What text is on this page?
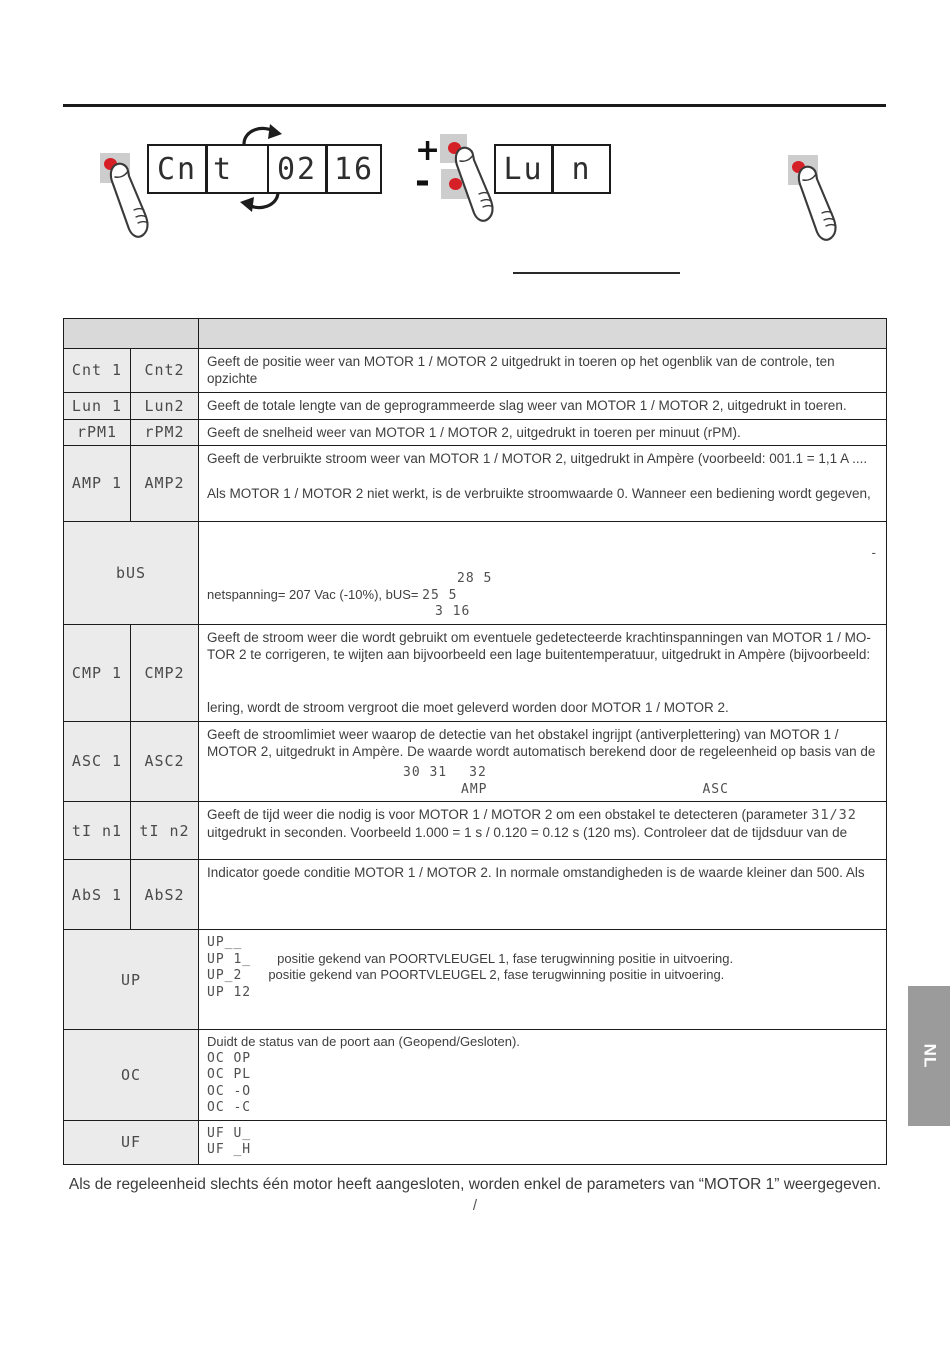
Cn t 02 16
+
- Lu n

Cnt 1	Cnt2	Geeft de positie weer van MOTOR 1 / MOTOR 2 uitgedrukt in toeren op het ogenblik van de controle, ten opzichte
Lun 1	Lun2	Geeft de totale lengte van de geprogrammeerde slag weer van MOTOR 1 / MOTOR 2, uitgedrukt in toeren.
rPM1	rPM2	Geeft de snelheid weer van MOTOR 1 / MOTOR 2, uitgedrukt in toeren per minuut (rPM).
AMP 1	AMP2	Geeft de verbruikte stroom weer van MOTOR 1 / MOTOR 2, uitgedrukt in Ampère (voorbeeld: 001.1 = 1,1 A ....
Als MOTOR 1 / MOTOR 2 niet werkt, is de verbruikte stroomwaarde 0. Wanneer een bediening wordt gegeven,

bUS		-
28 5
netspanning= 207 Vac (-10%), bUS= 25 5
3 16

CMP 1	CMP2	Geeft de stroom weer die wordt gebruikt om eventuele gedetecteerde krachtinspanningen van MOTOR 1 / MO-
TOR 2 te corrigeren, te wijten aan bijvoorbeeld een lage buitentemperatuur, uitgedrukt in Ampère (bijvoorbeeld:
lering, wordt de stroom vergroot die moet geleverd worden door MOTOR 1 / MOTOR 2.

ASC 1	ASC2	Geeft de stroomlimiet weer waarop de detectie van het obstakel ingrijpt (antiverplettering) van MOTOR 1 /
MOTOR 2, uitgedrukt in Ampère. De waarde wordt automatisch berekend door de regeleenheid op basis van de
30 31 32
AMP ASC

tI n1	tI n2	Geeft de tijd weer die nodig is voor MOTOR 1 / MOTOR 2 om een obstakel te detecteren (parameter 31/32
uitgedrukt in seconden. Voorbeeld 1.000 = 1 s / 0.120 = 0.12 s (120 ms). Controleer dat de tijdsduur van de

AbS 1	AbS2	Indicator goede conditie MOTOR 1 / MOTOR 2. In normale omstandigheden is de waarde kleiner dan 500. Als
UP		UP__
UP 1_ positie gekend van POORTVLEUGEL 1, fase terugwinning positie in uitvoering.
UP_2 positie gekend van POORTVLEUGEL 2, fase terugwinning positie in uitvoering.
UP 12

OC		Duidt de status van de poort aan (Geopend/Gesloten).
OC OP
OC PL
OC -O
OC -C

UF		UF U_
UF _H
NL
Als de regeleenheid slechts één motor heeft aangesloten, worden enkel de parameters van “MOTOR 1” weergegeven.
/
